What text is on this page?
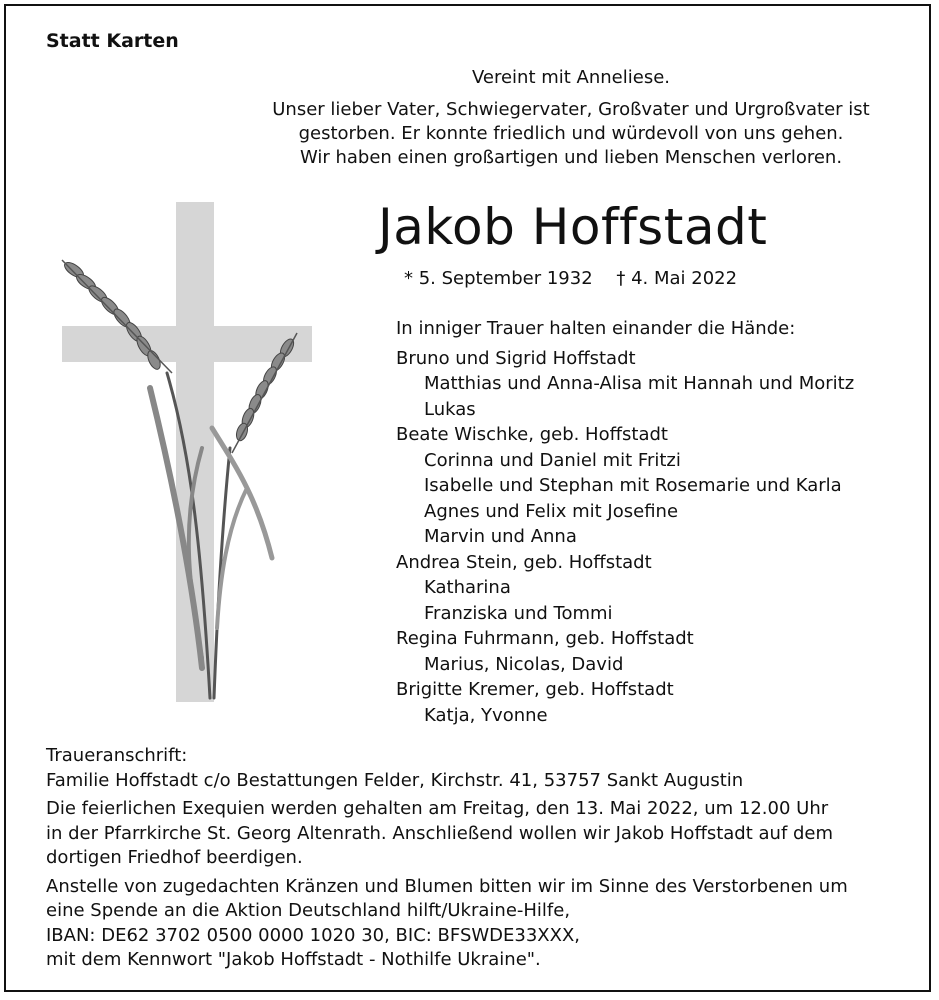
Statt Karten

Vereint mit Anneliese.

Unser lieber Vater, Schwiegervater, Großvater und Urgroßvater ist

gestorben. Er konnte friedlich und würdevoll von uns gehen.

Wir haben einen großartigen und lieben Menschen verloren.

Jakob Hoffstadt
* 5. September 1932 † 4. Mai 2022
In inniger Trauer halten einander die Hände:
Bruno und Sigrid Hoffstadt
Matthias und Anna-Alisa mit Hannah und Moritz
Lukas
Beate Wischke, geb. Hoffstadt
Corinna und Daniel mit Fritzi
Isabelle und Stephan mit Rosemarie und Karla
Agnes und Felix mit Josefine
Marvin und Anna
Andrea Stein, geb. Hoffstadt
Katharina
Franziska und Tommi
Regina Fuhrmann, geb. Hoffstadt
Marius, Nicolas, David
Brigitte Kremer, geb. Hoffstadt
Katja, Yvonne

Traueranschrift:

Familie Hoffstadt c/o Bestattungen Felder, Kirchstr. 41, 53757 Sankt Augustin

Die feierlichen Exequien werden gehalten am Freitag, den 13. Mai 2022, um 12.00 Uhr

in der Pfarrkirche St. Georg Altenrath. Anschließend wollen wir Jakob Hoffstadt auf dem

dortigen Friedhof beerdigen.

Anstelle von zugedachten Kränzen und Blumen bitten wir im Sinne des Verstorbenen um

eine Spende an die Aktion Deutschland hilft/Ukraine-Hilfe,

IBAN: DE62 3702 0500 0000 1020 30, BIC: BFSWDE33XXX,

mit dem Kennwort "Jakob Hoffstadt - Nothilfe Ukraine".
